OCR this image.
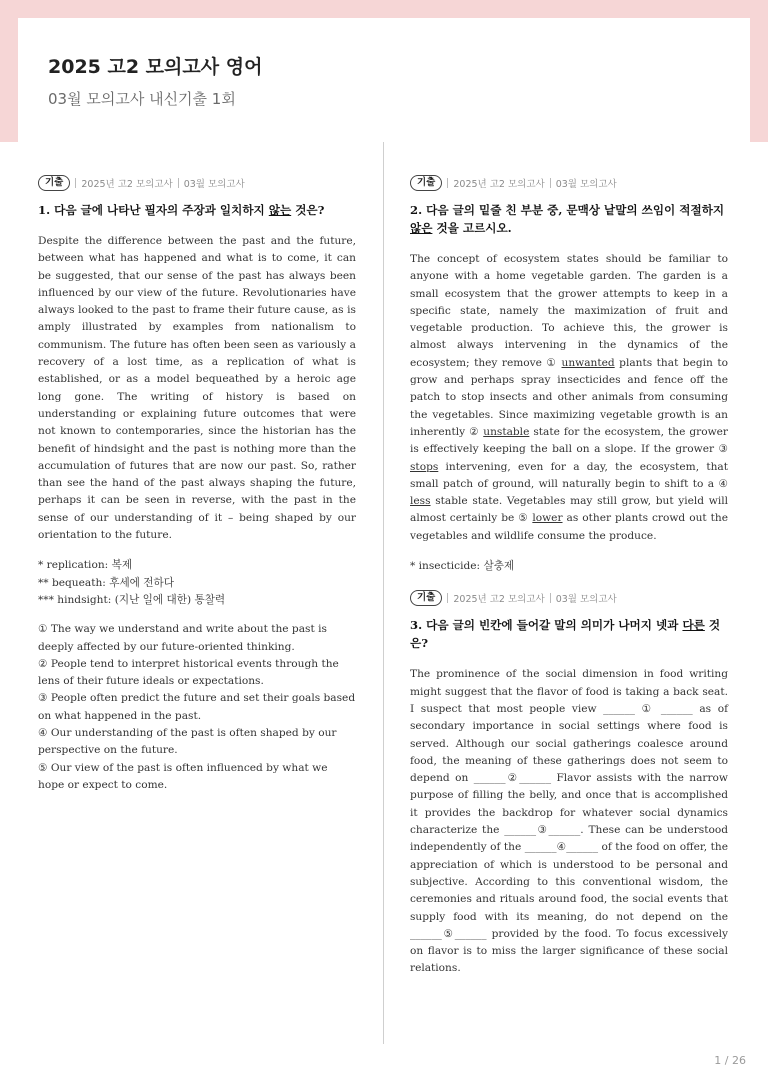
2025 고2 모의고사 영어
03월 모의고사 내신기출 1회
기출	2025년 고2 모의고사 03월 모의고사
1. 다음 글에 나타난 필자의 주장과 일치하지 않는 것은?
Despite the difference between the past and the future, between what has happened and what is to come, it can be suggested, that our sense of the past has always been influenced by our view of the future. Revolutionaries have always looked to the past to frame their future cause, as is amply illustrated by examples from nationalism to communism. The future has often been seen as variously a recovery of a lost time, as a replication of what is established, or as a model bequeathed by a heroic age long gone. The writing of history is based on understanding or explaining future outcomes that were not known to contemporaries, since the historian has the benefit of hindsight and the past is nothing more than the accumulation of futures that are now our past. So, rather than see the hand of the past always shaping the future, perhaps it can be seen in reverse, with the past in the sense of our understanding of it – being shaped by our orientation to the future.
* replication: 복제
** bequeath: 후세에 전하다
*** hindsight: (지난 일에 대한) 통찰력
① The way we understand and write about the past is deeply affected by our future-oriented thinking.
② People tend to interpret historical events through the lens of their future ideals or expectations.
③ People often predict the future and set their goals based on what happened in the past.
④ Our understanding of the past is often shaped by our perspective on the future.
⑤ Our view of the past is often influenced by what we hope or expect to come.
기출	2025년 고2 모의고사 03월 모의고사
2. 다음 글의 밑줄 친 부분 중, 문맥상 낱말의 쓰임이 적절하지 않은 것을 고르시오.
The concept of ecosystem states should be familiar to anyone with a home vegetable garden. The garden is a small ecosystem that the grower attempts to keep in a specific state, namely the maximization of fruit and vegetable production. To achieve this, the grower is almost always intervening in the dynamics of the ecosystem; they remove ① unwanted plants that begin to grow and perhaps spray insecticides and fence off the patch to stop insects and other animals from consuming the vegetables. Since maximizing vegetable growth is an inherently ② unstable state for the ecosystem, the grower is effectively keeping the ball on a slope. If the grower ③ stops intervening, even for a day, the ecosystem, that small patch of ground, will naturally begin to shift to a ④ less stable state. Vegetables may still grow, but yield will almost certainly be ⑤ lower as other plants crowd out the vegetables and wildlife consume the produce.
* insecticide: 살충제
기출	2025년 고2 모의고사 03월 모의고사
3. 다음 글의 빈칸에 들어갈 말의 의미가 나머지 넷과 다른 것은?
The prominence of the social dimension in food writing might suggest that the flavor of food is taking a back seat. I suspect that most people view ______ ① ______ as of secondary importance in social settings where food is served. Although our social gatherings coalesce around food, the meaning of these gatherings does not seem to depend on ______②______ Flavor assists with the narrow purpose of filling the belly, and once that is accomplished it provides the backdrop for whatever social dynamics characterize the ______③______. These can be understood independently of the ______④______ of the food on offer, the appreciation of which is understood to be personal and subjective. According to this conventional wisdom, the ceremonies and rituals around food, the social events that supply food with its meaning, do not depend on the ______⑤______ provided by the food. To focus excessively on flavor is to miss the larger significance of these social relations.
1 / 26
